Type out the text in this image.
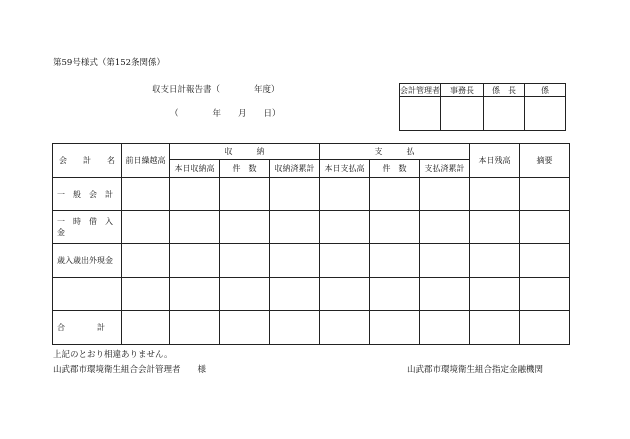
第59号様式（第152条関係）
収支日計報告書（　　　　年度）
（　　　　年　　月　　日）
会計管理者	事務長	係　長	係

会　　計　　名	前日繰越高	収　　　納			支　　　払			本日残高	摘要
		本日収納高	件　数	収納済累計	本日支払高	件　数	支払済累計		
一　般　会　計									
一　時　借　入　金									
歳入歳出外現金									

合　　　　計									
上記のとおり相違ありません。
山武郡市環境衛生組合会計管理者　　様	山武郡市環境衛生組合指定金融機関
